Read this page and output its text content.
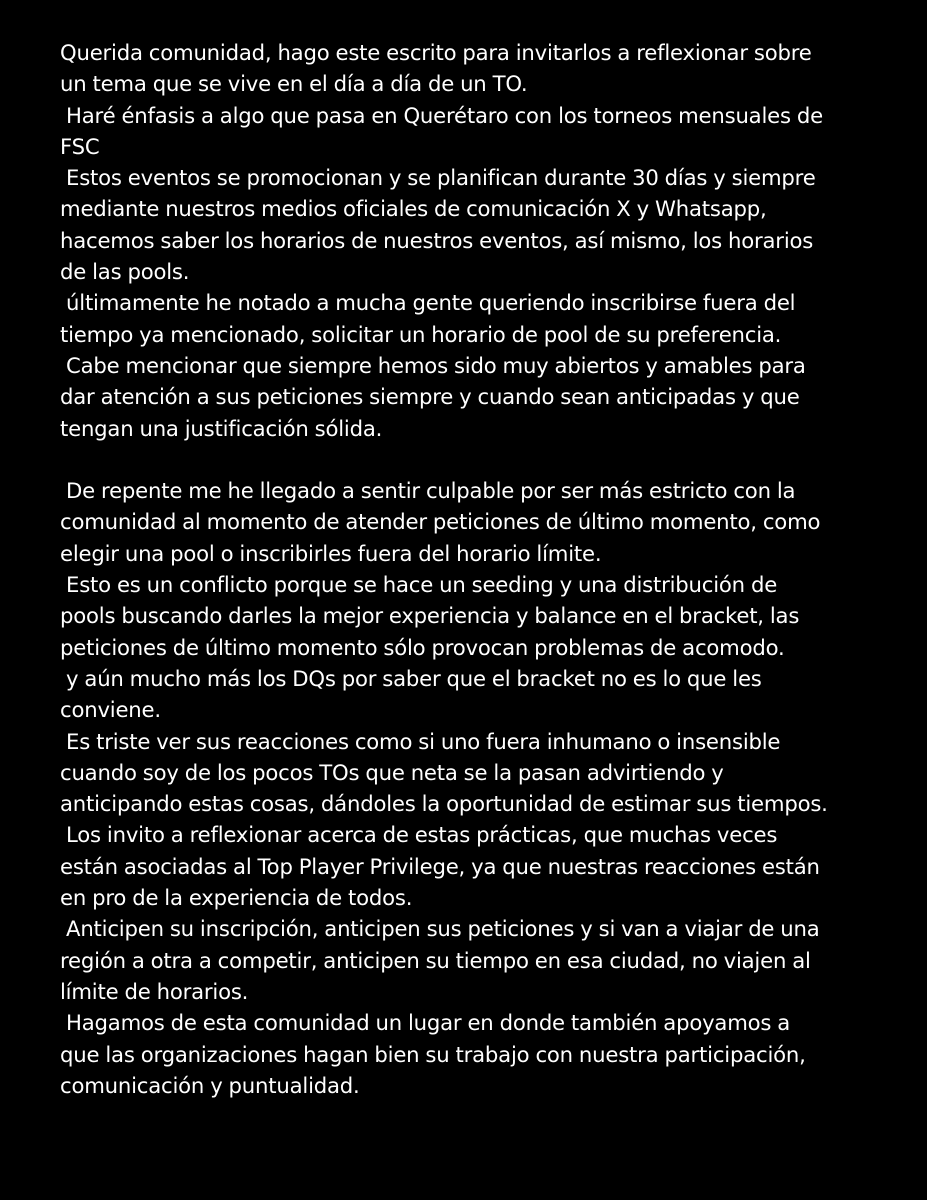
Querida comunidad, hago este escrito para invitarlos a reflexionar sobre
un tema que se vive en el día a día de un TO.
Haré énfasis a algo que pasa en Querétaro con los torneos mensuales de
FSC
Estos eventos se promocionan y se planifican durante 30 días y siempre
mediante nuestros medios oficiales de comunicación X y Whatsapp,
hacemos saber los horarios de nuestros eventos, así mismo, los horarios
de las pools.
últimamente he notado a mucha gente queriendo inscribirse fuera del
tiempo ya mencionado, solicitar un horario de pool de su preferencia.
Cabe mencionar que siempre hemos sido muy abiertos y amables para
dar atención a sus peticiones siempre y cuando sean anticipadas y que
tengan una justificación sólida.
De repente me he llegado a sentir culpable por ser más estricto con la
comunidad al momento de atender peticiones de último momento, como
elegir una pool o inscribirles fuera del horario límite.
Esto es un conflicto porque se hace un seeding y una distribución de
pools buscando darles la mejor experiencia y balance en el bracket, las
peticiones de último momento sólo provocan problemas de acomodo.
y aún mucho más los DQs por saber que el bracket no es lo que les
conviene.
Es triste ver sus reacciones como si uno fuera inhumano o insensible
cuando soy de los pocos TOs que neta se la pasan advirtiendo y
anticipando estas cosas, dándoles la oportunidad de estimar sus tiempos.
Los invito a reflexionar acerca de estas prácticas, que muchas veces
están asociadas al Top Player Privilege, ya que nuestras reacciones están
en pro de la experiencia de todos.
Anticipen su inscripción, anticipen sus peticiones y si van a viajar de una
región a otra a competir, anticipen su tiempo en esa ciudad, no viajen al
límite de horarios.
Hagamos de esta comunidad un lugar en donde también apoyamos a
que las organizaciones hagan bien su trabajo con nuestra participación,
comunicación y puntualidad.
